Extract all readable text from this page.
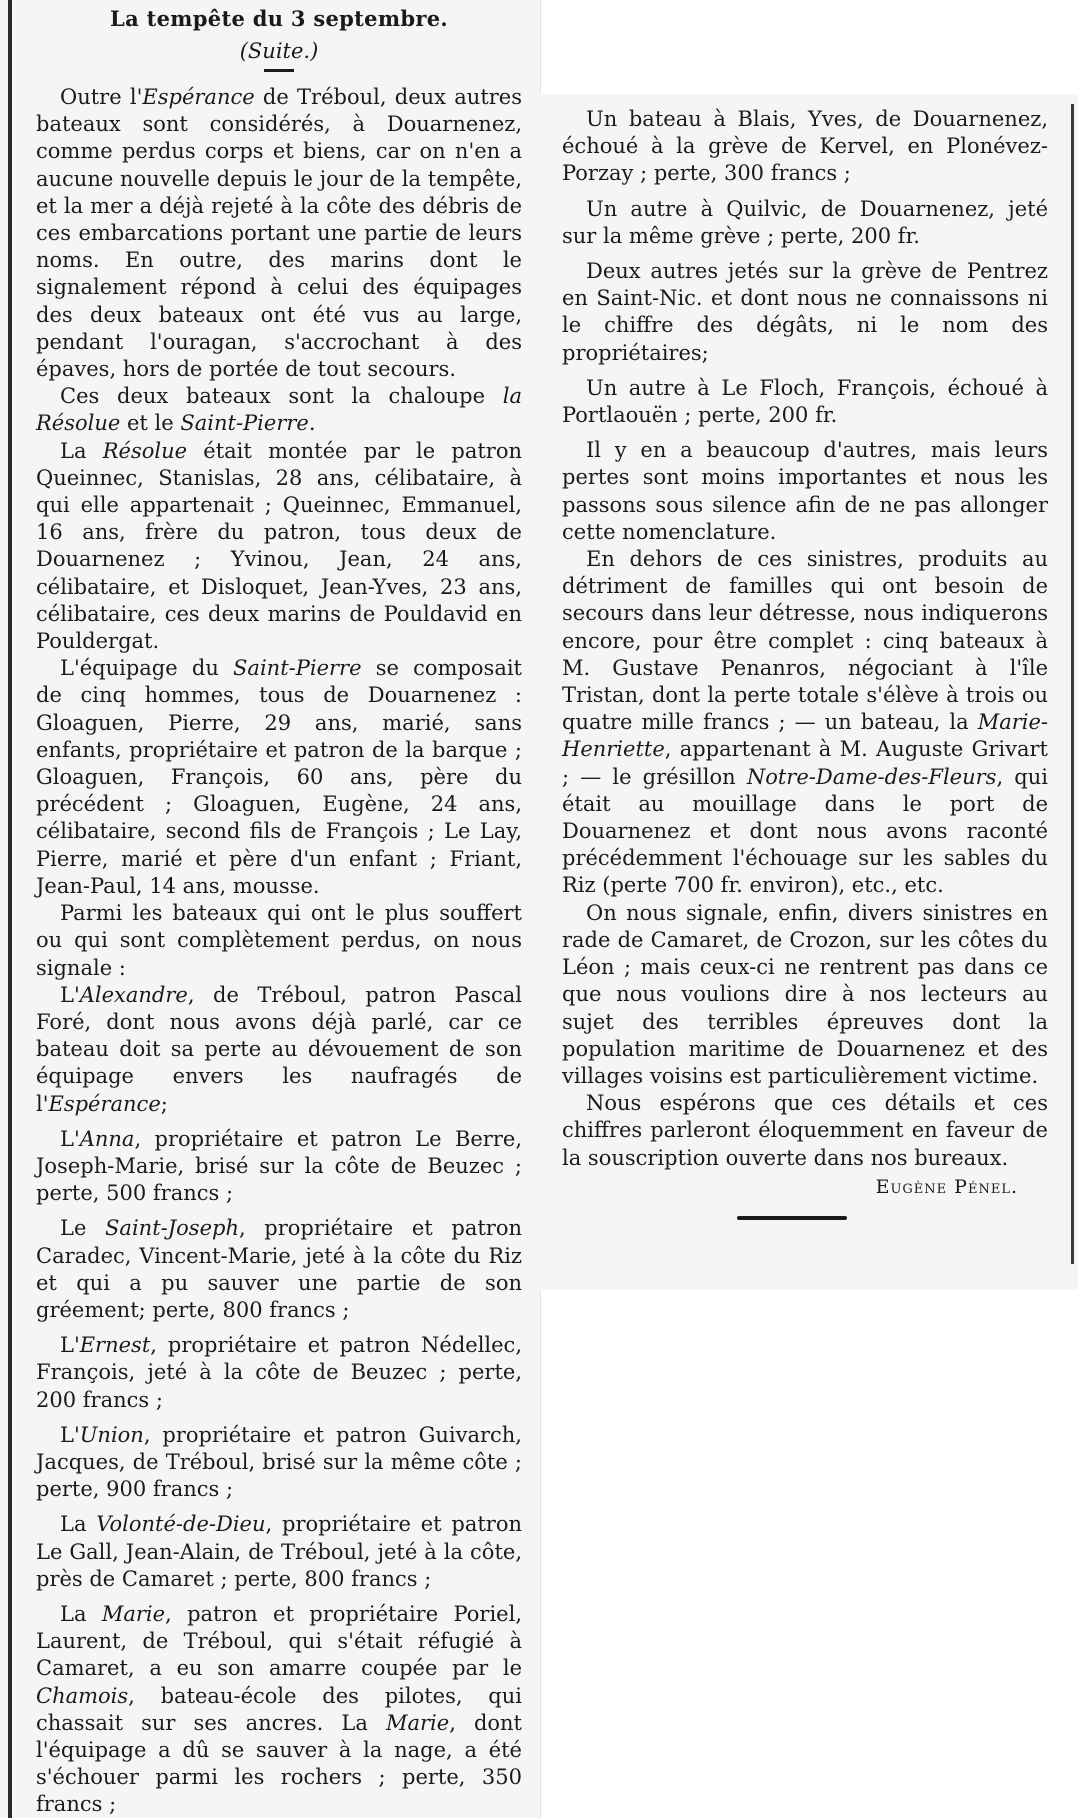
La tempête du 3 septembre.
(Suite.)

Outre l'Espérance de Tréboul, deux autres bateaux sont considérés, à Douarnenez, comme perdus corps et biens, car on n'en a aucune nouvelle depuis le jour de la tempête, et la mer a déjà rejeté à la côte des débris de ces embarcations portant une partie de leurs noms. En outre, des marins dont le signalement répond à celui des équipages des deux bateaux ont été vus au large, pendant l'ouragan, s'accrochant à des épaves, hors de portée de tout secours.

Ces deux bateaux sont la chaloupe la Résolue et le Saint-Pierre.

La Résolue était montée par le patron Queinnec, Stanislas, 28 ans, célibataire, à qui elle appartenait ; Queinnec, Emmanuel, 16 ans, frère du patron, tous deux de Douarnenez ; Yvinou, Jean, 24 ans, célibataire, et Disloquet, Jean-Yves, 23 ans, célibataire, ces deux marins de Pouldavid en Pouldergat.

L'équipage du Saint-Pierre se composait de cinq hommes, tous de Douarnenez : Gloaguen, Pierre, 29 ans, marié, sans enfants, propriétaire et patron de la barque ; Gloaguen, François, 60 ans, père du précédent ; Gloaguen, Eugène, 24 ans, célibataire, second fils de François ; Le Lay, Pierre, marié et père d'un enfant ; Friant, Jean-Paul, 14 ans, mousse.

Parmi les bateaux qui ont le plus souffert ou qui sont complètement perdus, on nous signale :

L'Alexandre, de Tréboul, patron Pascal Foré, dont nous avons déjà parlé, car ce bateau doit sa perte au dévouement de son équipage envers les naufragés de l'Espérance;

L'Anna, propriétaire et patron Le Berre, Joseph-Marie, brisé sur la côte de Beuzec ; perte, 500 francs ;

Le Saint-Joseph, propriétaire et patron Caradec, Vincent-Marie, jeté à la côte du Riz et qui a pu sauver une partie de son gréement; perte, 800 francs ;

L'Ernest, propriétaire et patron Nédellec, François, jeté à la côte de Beuzec ; perte, 200 francs ;

L'Union, propriétaire et patron Guivarch, Jacques, de Tréboul, brisé sur la même côte ; perte, 900 francs ;

La Volonté-de-Dieu, propriétaire et patron Le Gall, Jean-Alain, de Tréboul, jeté à la côte, près de Camaret ; perte, 800 francs ;

La Marie, patron et propriétaire Poriel, Laurent, de Tréboul, qui s'était réfugié à Camaret, a eu son amarre coupée par le Chamois, bateau-école des pilotes, qui chassait sur ses ancres. La Marie, dont l'équipage a dû se sauver à la nage, a été s'échouer parmi les rochers ; perte, 350 francs ;

Un bateau à Blais, Yves, de Douarnenez, échoué à la grève de Kervel, en Plonévez-Porzay ; perte, 300 francs ;

Un autre à Quilvic, de Douarnenez, jeté sur la même grève ; perte, 200 fr.

Deux autres jetés sur la grève de Pentrez en Saint-Nic. et dont nous ne connaissons ni le chiffre des dégâts, ni le nom des propriétaires;

Un autre à Le Floch, François, échoué à Portlaouën ; perte, 200 fr.

Il y en a beaucoup d'autres, mais leurs pertes sont moins importantes et nous les passons sous silence afin de ne pas allonger cette nomenclature.

En dehors de ces sinistres, produits au détriment de familles qui ont besoin de secours dans leur détresse, nous indiquerons encore, pour être complet : cinq bateaux à M. Gustave Penanros, négociant à l'île Tristan, dont la perte totale s'élève à trois ou quatre mille francs ; — un bateau, la Marie-Henriette, appartenant à M. Auguste Grivart ; — le grésillon Notre-Dame-des-Fleurs, qui était au mouillage dans le port de Douarnenez et dont nous avons raconté précédemment l'échouage sur les sables du Riz (perte 700 fr. environ), etc., etc.

On nous signale, enfin, divers sinistres en rade de Camaret, de Crozon, sur les côtes du Léon ; mais ceux-ci ne rentrent pas dans ce que nous voulions dire à nos lecteurs au sujet des terribles épreuves dont la population maritime de Douarnenez et des villages voisins est particulièrement victime.

Nous espérons que ces détails et ces chiffres parleront éloquemment en faveur de la souscription ouverte dans nos bureaux.

Eugène Pénel.
